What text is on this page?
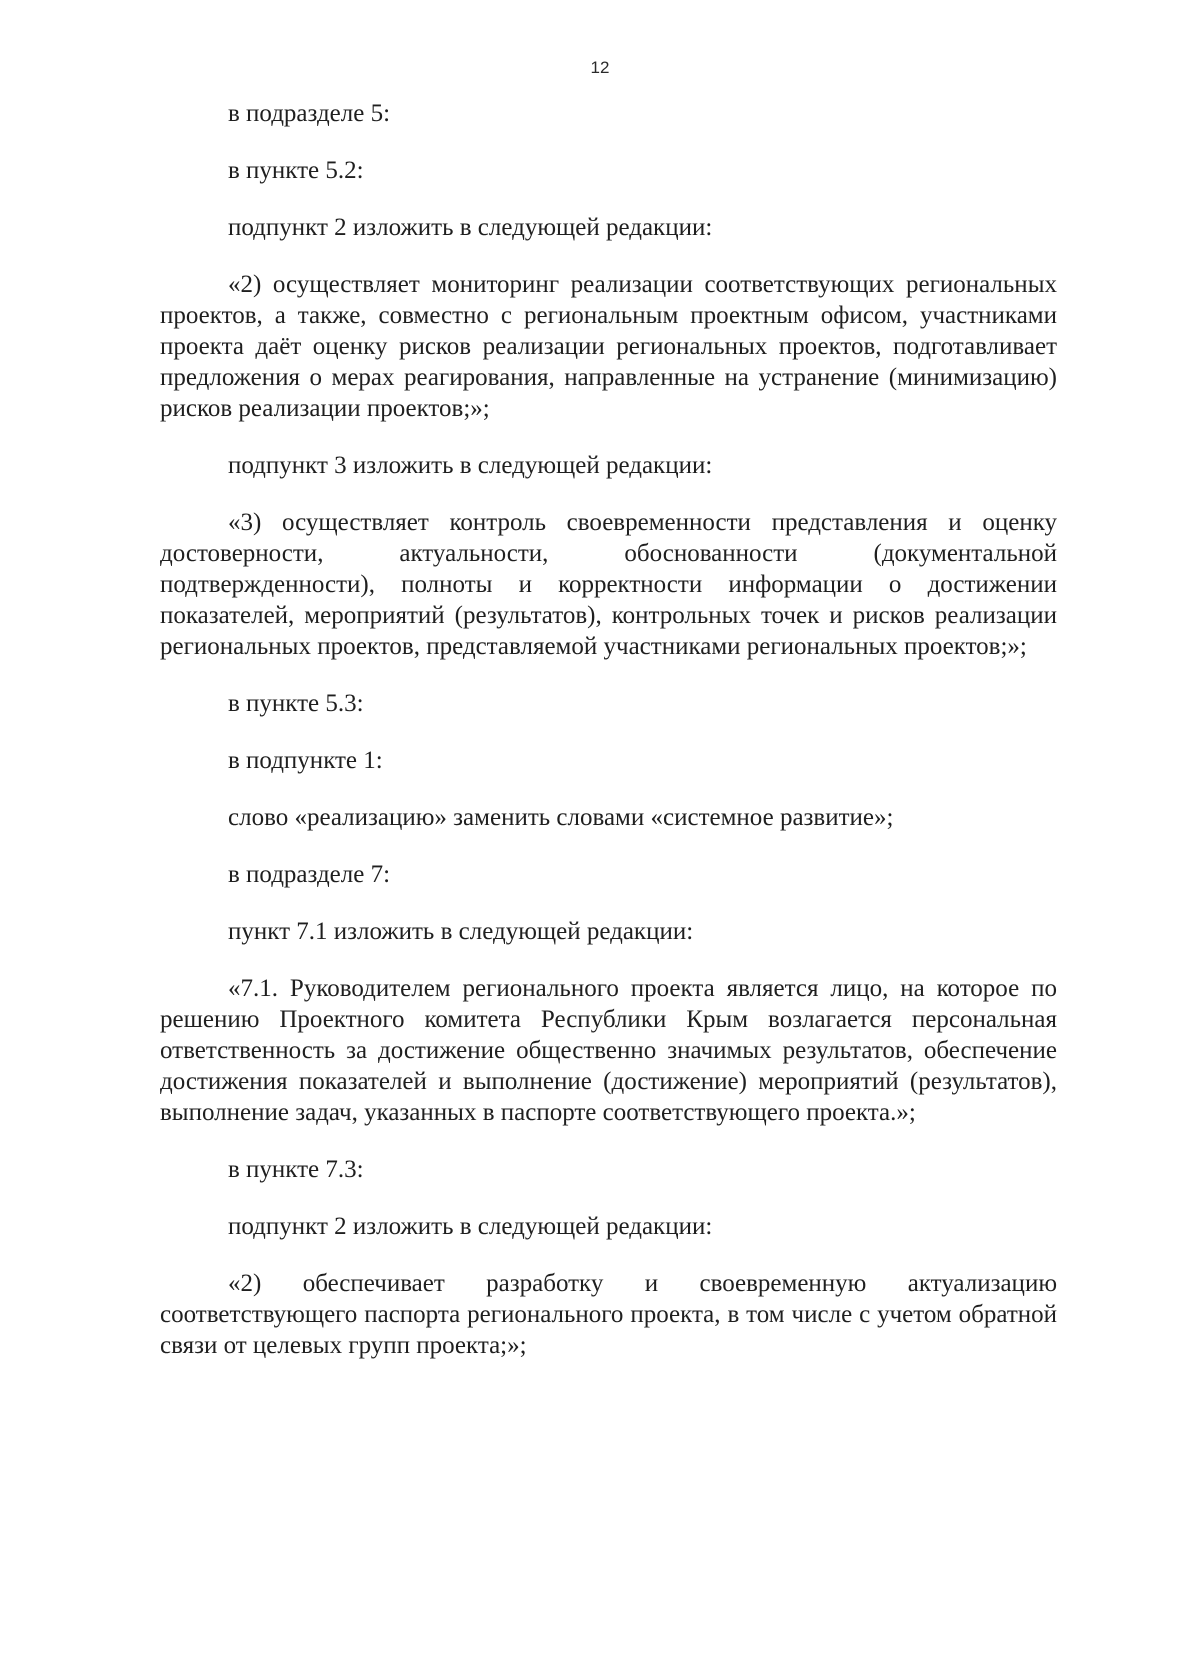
12

в подразделе 5:

в пункте 5.2:

подпункт 2 изложить в следующей редакции:

«2) осуществляет мониторинг реализации соответствующих региональных проектов, а также, совместно с региональным проектным офисом, участниками проекта даёт оценку рисков реализации региональных проектов, подготавливает предложения о мерах реагирования, направленные на устранение (минимизацию) рисков реализации проектов;»;

подпункт 3 изложить в следующей редакции:

«3) осуществляет контроль своевременности представления и оценку достоверности, актуальности, обоснованности (документальной подтвержденности), полноты и корректности информации о достижении показателей, мероприятий (результатов), контрольных точек и рисков реализации региональных проектов, представляемой участниками региональных проектов;»;

в пункте 5.3:

в подпункте 1:

слово «реализацию» заменить словами «системное развитие»;

в подразделе 7:

пункт 7.1 изложить в следующей редакции:

«7.1. Руководителем регионального проекта является лицо, на которое по решению Проектного комитета Республики Крым возлагается персональная ответственность за достижение общественно значимых результатов, обеспечение достижения показателей и выполнение (достижение) мероприятий (результатов), выполнение задач, указанных в паспорте соответствующего проекта.»;

в пункте 7.3:

подпункт 2 изложить в следующей редакции:

«2) обеспечивает разработку и своевременную актуализацию соответствующего паспорта регионального проекта, в том числе с учетом обратной связи от целевых групп проекта;»;
